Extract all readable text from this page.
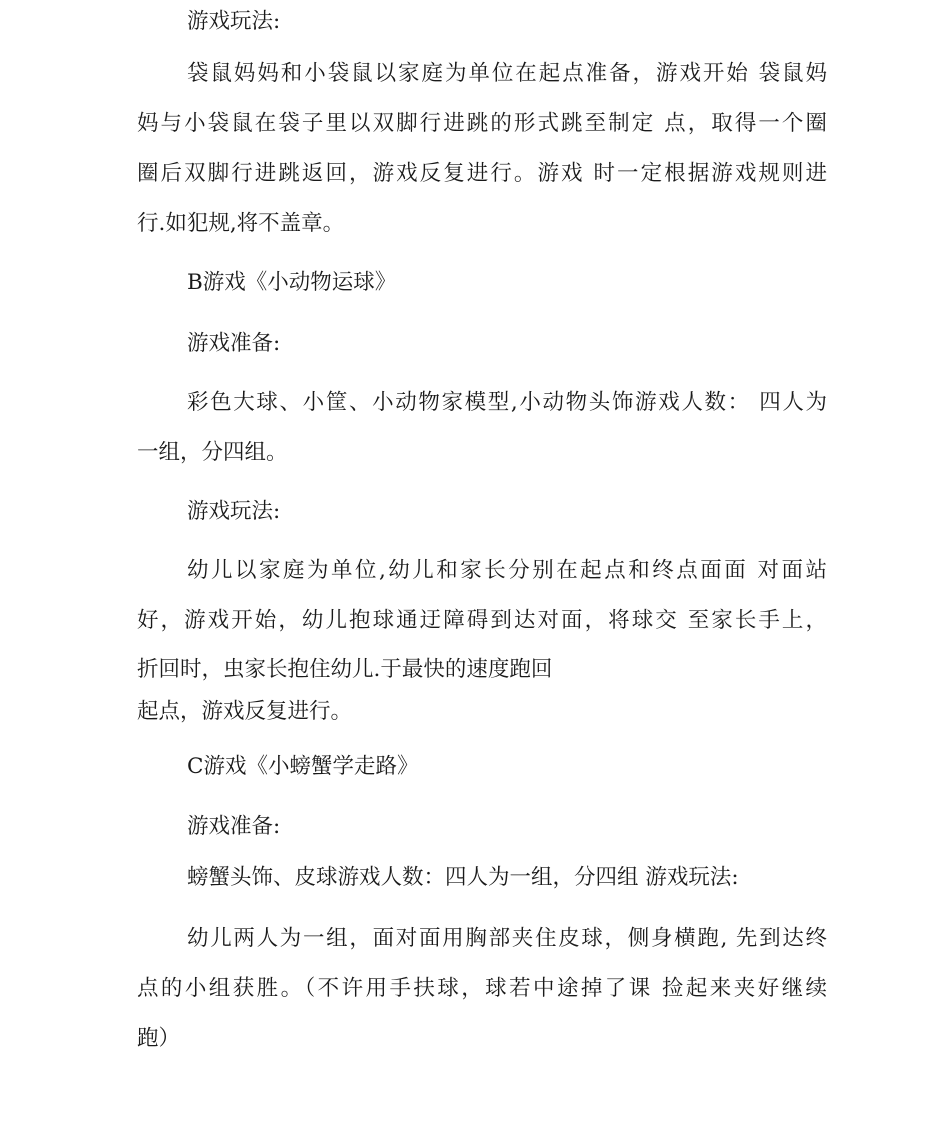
游戏玩法:
袋鼠妈妈和小袋鼠以家庭为单位在起点准备，游戏开始 袋鼠妈
妈与小袋鼠在袋子里以双脚行进跳的形式跳至制定 点，取得一个圈
圈后双脚行进跳返回，游戏反复进行。游戏 时一定根据游戏规则进
行.如犯规,将不盖章。
B游戏《小动物运球》
游戏准备:
彩色大球、小筐、小动物家模型,小动物头饰游戏人数： 四人为
一组，分四组。
游戏玩法:
幼儿以家庭为单位,幼儿和家长分别在起点和终点面面 对面站
好，游戏开始，幼儿抱球通迂障碍到达对面，将球交 至家长手上，
折回时，虫家长抱住幼儿.于最快的速度跑回
起点，游戏反复进行。
C游戏《小螃蟹学走路》
游戏准备:
螃蟹头饰、皮球游戏人数：四人为一组，分四组 游戏玩法:
幼儿两人为一组，面对面用胸部夹住皮球，侧身横跑, 先到达终
点的小组获胜。（不许用手扶球，球若中途掉了课 捡起来夹好继续
跑）
